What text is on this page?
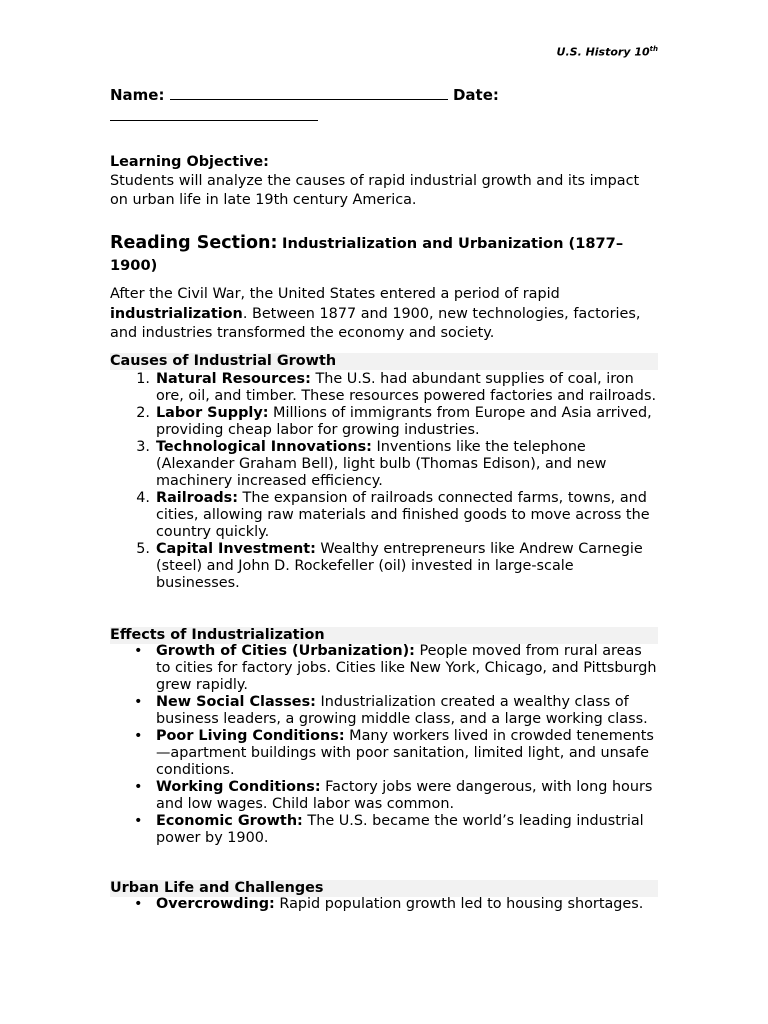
U.S. History 10th
Name:	Date:

Learning Objective:
Students will analyze the causes of rapid industrial growth and its impact on urban life in late 19th century America.
Reading Section: Industrialization and Urbanization (1877–1900)
After the Civil War, the United States entered a period of rapid industrialization. Between 1877 and 1900, new technologies, factories, and industries transformed the economy and society.
Causes of Industrial Growth
1. Natural Resources: The U.S. had abundant supplies of coal, iron ore, oil, and timber. These resources powered factories and railroads.
2. Labor Supply: Millions of immigrants from Europe and Asia arrived, providing cheap labor for growing industries.
3. Technological Innovations: Inventions like the telephone (Alexander Graham Bell), light bulb (Thomas Edison), and new machinery increased efficiency.
4. Railroads: The expansion of railroads connected farms, towns, and cities, allowing raw materials and finished goods to move across the country quickly.
5. Capital Investment: Wealthy entrepreneurs like Andrew Carnegie (steel) and John D. Rockefeller (oil) invested in large-scale businesses.
Effects of Industrialization
• Growth of Cities (Urbanization): People moved from rural areas to cities for factory jobs. Cities like New York, Chicago, and Pittsburgh grew rapidly.
• New Social Classes: Industrialization created a wealthy class of business leaders, a growing middle class, and a large working class.
• Poor Living Conditions: Many workers lived in crowded tenements—apartment buildings with poor sanitation, limited light, and unsafe conditions.
• Working Conditions: Factory jobs were dangerous, with long hours and low wages. Child labor was common.
• Economic Growth: The U.S. became the world’s leading industrial power by 1900.
Urban Life and Challenges
• Overcrowding: Rapid population growth led to housing shortages.
